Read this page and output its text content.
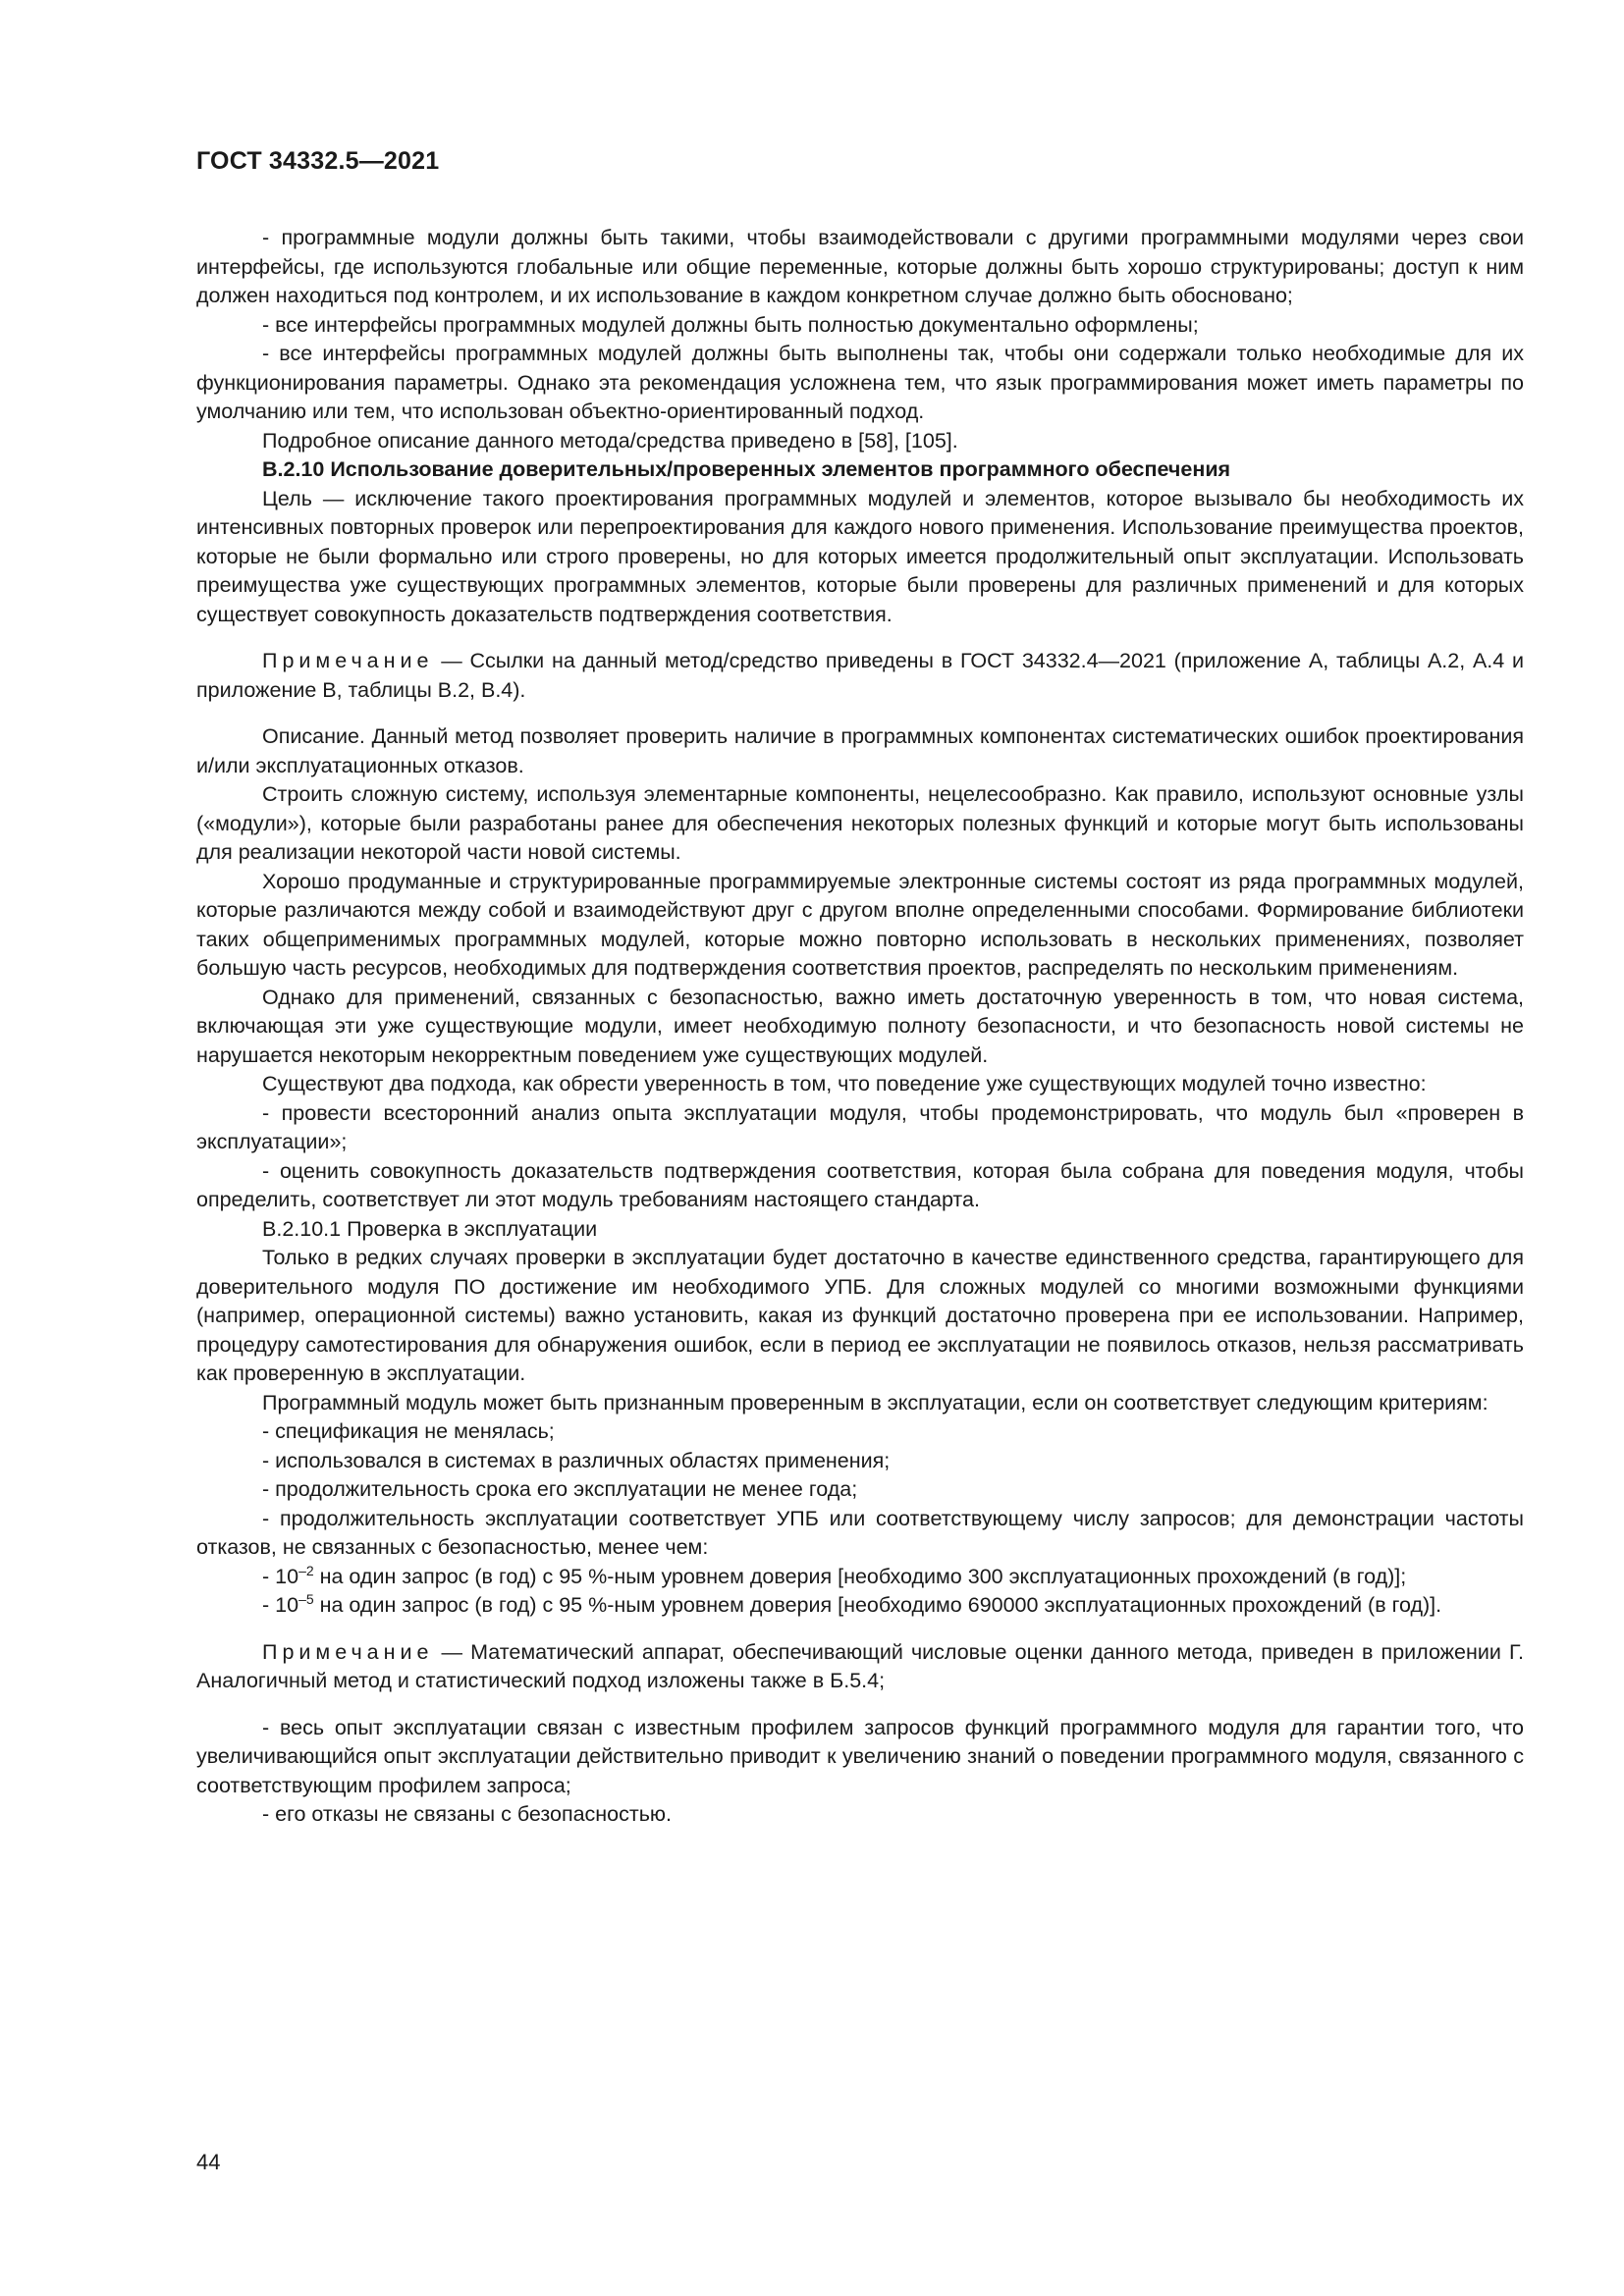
ГОСТ 34332.5—2021

- программные модули должны быть такими, чтобы взаимодействовали с другими программными модулями через свои интерфейсы, где используются глобальные или общие переменные, которые должны быть хорошо структурированы; доступ к ним должен находиться под контролем, и их использование в каждом конкретном случае должно быть обосновано;

- все интерфейсы программных модулей должны быть полностью документально оформлены;

- все интерфейсы программных модулей должны быть выполнены так, чтобы они содержали только необходимые для их функционирования параметры. Однако эта рекомендация усложнена тем, что язык программирования может иметь параметры по умолчанию или тем, что использован объектно-ориентированный подход.

Подробное описание данного метода/средства приведено в [58], [105].

В.2.10 Использование доверительных/проверенных элементов программного обеспечения

Цель — исключение такого проектирования программных модулей и элементов, которое вызывало бы необходимость их интенсивных повторных проверок или перепроектирования для каждого нового применения. Использование преимущества проектов, которые не были формально или строго проверены, но для которых имеется продолжительный опыт эксплуатации. Использовать преимущества уже существующих программных элементов, которые были проверены для различных применений и для которых существует совокупность доказательств подтверждения соответствия.

Примечание — Ссылки на данный метод/средство приведены в ГОСТ 34332.4—2021 (приложение А, таблицы А.2, А.4 и приложение В, таблицы В.2, В.4).

Описание. Данный метод позволяет проверить наличие в программных компонентах систематических ошибок проектирования и/или эксплуатационных отказов.

Строить сложную систему, используя элементарные компоненты, нецелесообразно. Как правило, используют основные узлы («модули»), которые были разработаны ранее для обеспечения некоторых полезных функций и которые могут быть использованы для реализации некоторой части новой системы.

Хорошо продуманные и структурированные программируемые электронные системы состоят из ряда программных модулей, которые различаются между собой и взаимодействуют друг с другом вполне определенными способами. Формирование библиотеки таких общеприменимых программных модулей, которые можно повторно использовать в нескольких применениях, позволяет большую часть ресурсов, необходимых для подтверждения соответствия проектов, распределять по нескольким применениям.

Однако для применений, связанных с безопасностью, важно иметь достаточную уверенность в том, что новая система, включающая эти уже существующие модули, имеет необходимую полноту безопасности, и что безопасность новой системы не нарушается некоторым некорректным поведением уже существующих модулей.

Существуют два подхода, как обрести уверенность в том, что поведение уже существующих модулей точно известно:

- провести всесторонний анализ опыта эксплуатации модуля, чтобы продемонстрировать, что модуль был «проверен в эксплуатации»;

- оценить совокупность доказательств подтверждения соответствия, которая была собрана для поведения модуля, чтобы определить, соответствует ли этот модуль требованиям настоящего стандарта.

В.2.10.1 Проверка в эксплуатации

Только в редких случаях проверки в эксплуатации будет достаточно в качестве единственного средства, гарантирующего для доверительного модуля ПО достижение им необходимого УПБ. Для сложных модулей со многими возможными функциями (например, операционной системы) важно установить, какая из функций достаточно проверена при ее использовании. Например, процедуру самотестирования для обнаружения ошибок, если в период ее эксплуатации не появилось отказов, нельзя рассматривать как проверенную в эксплуатации.

Программный модуль может быть признанным проверенным в эксплуатации, если он соответствует следующим критериям:

- спецификация не менялась;

- использовался в системах в различных областях применения;

- продолжительность срока его эксплуатации не менее года;

- продолжительность эксплуатации соответствует УПБ или соответствующему числу запросов; для демонстрации частоты отказов, не связанных с безопасностью, менее чем:

- $10^{-2}$ на один запрос (в год) с 95 %-ным уровнем доверия [необходимо 300 эксплуатационных прохождений (в год)];

- $10^{-5}$ на один запрос (в год) с 95 %-ным уровнем доверия [необходимо 690000 эксплуатационных прохождений (в год)].

Примечание — Математический аппарат, обеспечивающий числовые оценки данного метода, приведен в приложении Г. Аналогичный метод и статистический подход изложены также в Б.5.4;

- весь опыт эксплуатации связан с известным профилем запросов функций программного модуля для гарантии того, что увеличивающийся опыт эксплуатации действительно приводит к увеличению знаний о поведении программного модуля, связанного с соответствующим профилем запроса;

- его отказы не связаны с безопасностью.

44
